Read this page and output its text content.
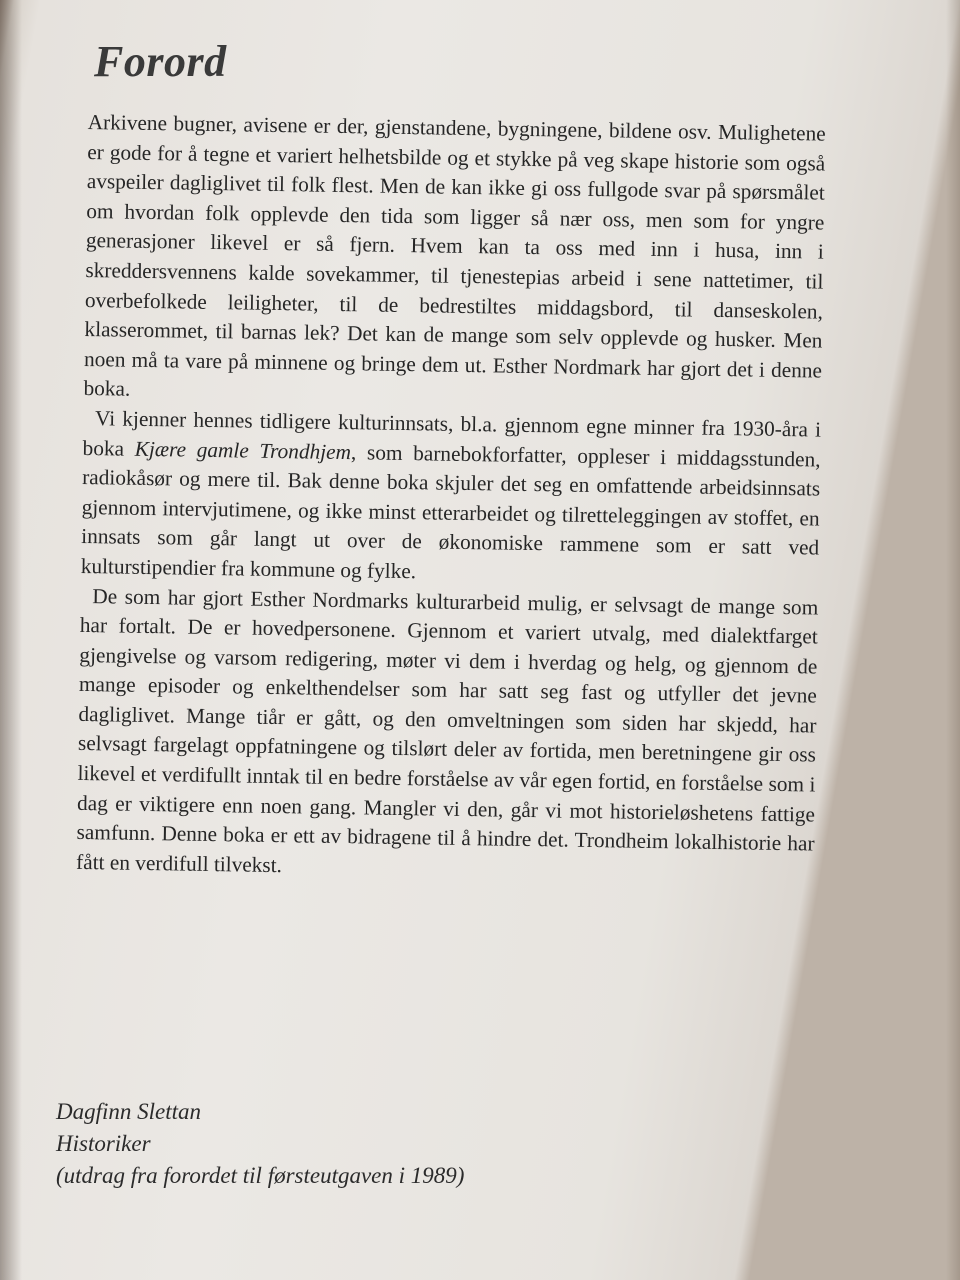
Forord

Arkivene bugner, avisene er der, gjenstandene, bygningene, bildene osv. Mulighetene er gode for å tegne et variert helhetsbilde og et stykke på veg skape historie som også avspeiler dagliglivet til folk flest. Men de kan ikke gi oss fullgode svar på spørsmålet om hvordan folk opplevde den tida som ligger så nær oss, men som for yngre generasjoner likevel er så fjern. Hvem kan ta oss med inn i husa, inn i skreddersvennens kalde sovekammer, til tjenestepias arbeid i sene nattetimer, til overbefolkede leiligheter, til de bedrestiltes middagsbord, til danseskolen, klasserommet, til barnas lek? Det kan de mange som selv opplevde og husker. Men noen må ta vare på minnene og bringe dem ut. Esther Nordmark har gjort det i denne boka.

Vi kjenner hennes tidligere kulturinnsats, bl.a. gjennom egne minner fra 1930-åra i boka Kjære gamle Trondhjem, som barnebokforfatter, oppleser i middagsstunden, radiokåsør og mere til. Bak denne boka skjuler det seg en omfattende arbeidsinnsats gjennom intervjutimene, og ikke minst etterarbeidet og tilretteleggingen av stoffet, en innsats som går langt ut over de økonomiske rammene som er satt ved kulturstipendier fra kommune og fylke.

De som har gjort Esther Nordmarks kulturarbeid mulig, er selvsagt de mange som har fortalt. De er hovedpersonene. Gjennom et variert utvalg, med dialektfarget gjengivelse og varsom redigering, møter vi dem i hverdag og helg, og gjennom de mange episoder og enkelthendelser som har satt seg fast og utfyller det jevne dagliglivet. Mange tiår er gått, og den omveltningen som siden har skjedd, har selvsagt fargelagt oppfatningene og tilslørt deler av fortida, men beretningene gir oss likevel et verdifullt inntak til en bedre forståelse av vår egen fortid, en forståelse som i dag er viktigere enn noen gang. Mangler vi den, går vi mot historieløshetens fattige samfunn. Denne boka er ett av bidragene til å hindre det. Trondheim lokalhistorie har fått en verdifull tilvekst.

Dagfinn Slettan
Historiker
(utdrag fra forordet til førsteutgaven i 1989)
